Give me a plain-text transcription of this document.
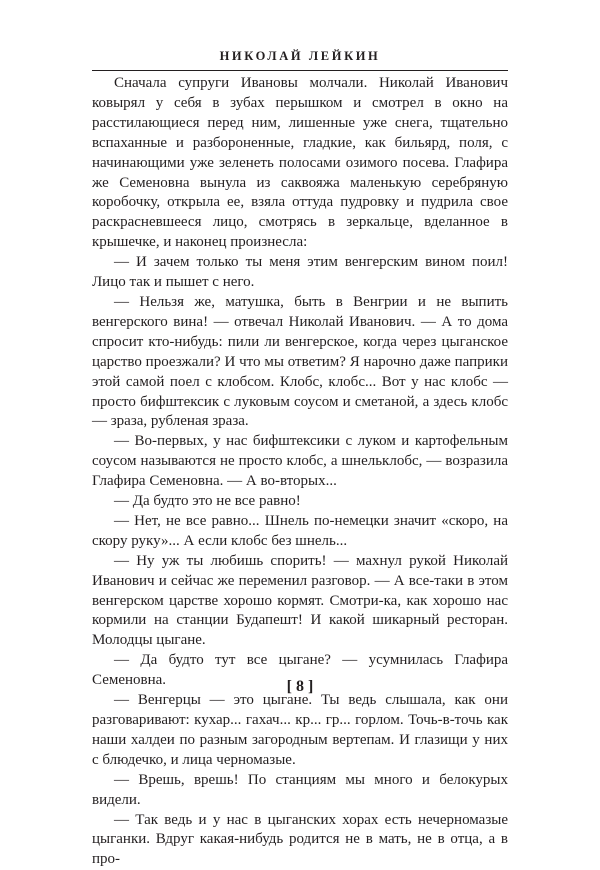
НИКОЛАЙ ЛЕЙКИН

Сначала супруги Ивановы молчали. Николай Иванович ковырял у себя в зубах перышком и смотрел в окно на расстилающиеся перед ним, лишенные уже снега, тщательно вспаханные и разбороненные, гладкие, как бильярд, поля, с начинающими уже зеленеть полосами озимого посева. Глафира же Семеновна вынула из саквояжа маленькую серебряную коробочку, открыла ее, взяла оттуда пудровку и пудрила свое раскрасневшееся лицо, смотрясь в зеркальце, вделанное в крышечке, и наконец произнесла:

— И зачем только ты меня этим венгерским вином поил! Лицо так и пышет с него.

— Нельзя же, матушка, быть в Венгрии и не выпить венгерского вина! — отвечал Николай Иванович. — А то дома спросит кто-нибудь: пили ли венгерское, когда через цыганское царство проезжали? И что мы ответим? Я нарочно даже паприки этой самой поел с клобсом. Клобс, клобс... Вот у нас клобс — просто бифштексик с луковым соусом и сметаной, а здесь клобс — зраза, рубленая зраза.

— Во-первых, у нас бифштексики с луком и картофельным соусом называются не просто клобс, а шнельклобс, — возразила Глафира Семеновна. — А во-вторых...

— Да будто это не все равно!

— Нет, не все равно... Шнель по-немецки значит «скоро, на скору руку»... А если клобс без шнель...

— Ну уж ты любишь спорить! — махнул рукой Николай Иванович и сейчас же переменил разговор. — А все-таки в этом венгерском царстве хорошо кормят. Смотри-ка, как хорошо нас кормили на станции Будапешт! И какой шикарный ресторан. Молодцы цыгане.

— Да будто тут все цыгане? — усумнилась Глафира Семеновна.

— Венгерцы — это цыгане. Ты ведь слышала, как они разговаривают: кухар... гахач... кр... гр... горлом. Точь-в-точь как наши халдеи по разным загородным вертепам. И глазищи у них с блюдечко, и лица черномазые.

— Врешь, врешь! По станциям мы много и белокурых видели.

— Так ведь и у нас в цыганских хорах есть нечерномазые цыганки. Вдруг какая-нибудь родится не в мать, не в отца, а в про-

[ 8 ]
